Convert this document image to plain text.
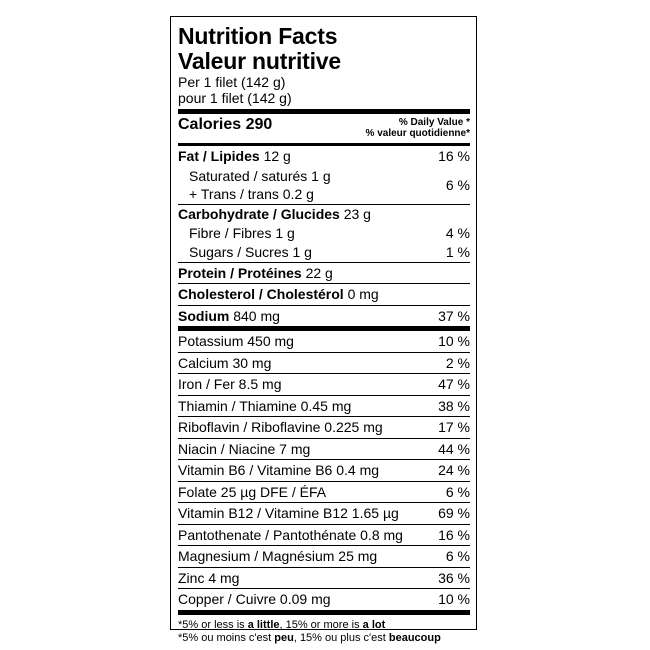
Nutrition Facts
Valeur nutritive
Per 1 filet (142 g)
pour 1 filet (142 g)
Calories 290	% Daily Value *
% valeur quotidienne*
Fat / Lipides 12 g	16 %
Saturated / saturés 1 g
+ Trans / trans 0.2 g
6 %
Carbohydrate / Glucides 23 g
Fibre / Fibres 1 g	4 %
Sugars / Sucres 1 g	1 %
Protein / Protéines 22 g
Cholesterol / Cholestérol 0 mg
Sodium 840 mg	37 %
Potassium 450 mg	10 %
Calcium 30 mg	2 %
Iron / Fer 8.5 mg	47 %
Thiamin / Thiamine 0.45 mg	38 %
Riboflavin / Riboflavine 0.225 mg	17 %
Niacin / Niacine 7 mg	44 %
Vitamin B6 / Vitamine B6 0.4 mg	24 %
Folate 25 µg DFE / ÉFA	6 %
Vitamin B12 / Vitamine B12 1.65 µg	69 %
Pantothenate / Pantothénate 0.8 mg	16 %
Magnesium / Magnésium 25 mg	6 %
Zinc 4 mg	36 %
Copper / Cuivre 0.09 mg	10 %
*5% or less is a little, 15% or more is a lot
*5% ou moins c'est peu, 15% ou plus c'est beaucoup
